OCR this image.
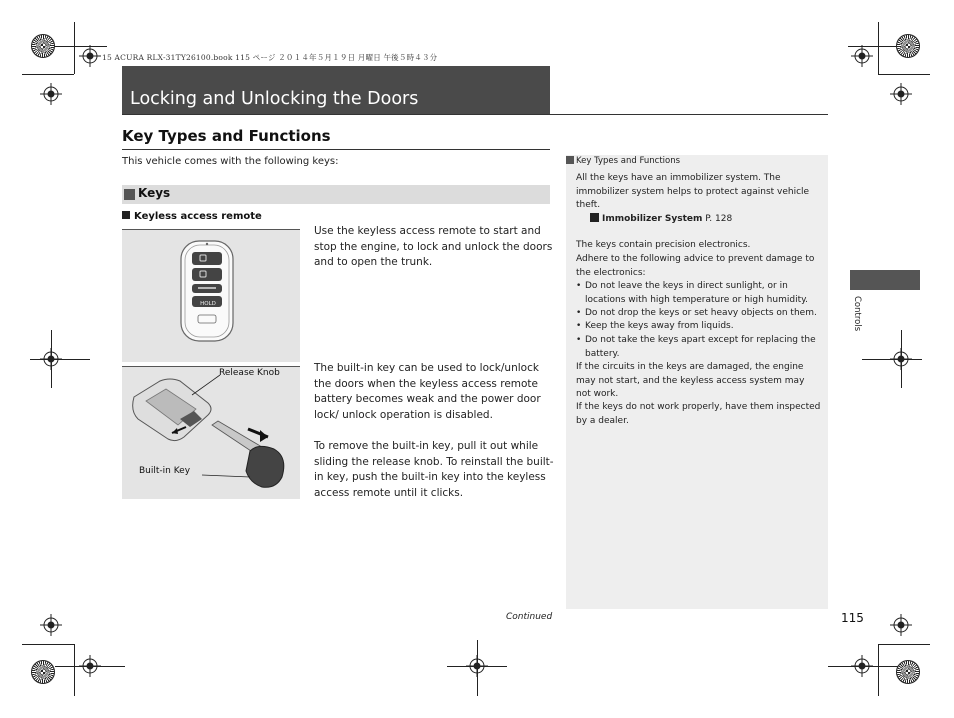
15 ACURA RLX-31TY26100.book 115 ページ ２０１４年５月１９日 月曜日 午後５時４３分
Locking and Unlocking the Doors
Key Types and Functions
This vehicle comes with the following keys:
Keys
Keyless access remote
HOLD
Release Knob
Built-in Key
Use the keyless access remote to start and stop the engine, to lock and unlock the doors and to open the trunk.
The built-in key can be used to lock/unlock the doors when the keyless access remote battery becomes weak and the power door lock/ unlock operation is disabled.
To remove the built-in key, pull it out while sliding the release knob. To reinstall the built-in key, push the built-in key into the keyless access remote until it clicks.
Key Types and Functions
All the keys have an immobilizer system. The immobilizer system helps to protect against vehicle theft.
Immobilizer System P. 128
The keys contain precision electronics.
Adhere to the following advice to prevent damage to the electronics:
• Do not leave the keys in direct sunlight, or in locations with high temperature or high humidity.
• Do not drop the keys or set heavy objects on them.
• Keep the keys away from liquids.
• Do not take the keys apart except for replacing the battery.
If the circuits in the keys are damaged, the engine may not start, and the keyless access system may not work.
If the keys do not work properly, have them inspected by a dealer.
Controls
Continued	115
